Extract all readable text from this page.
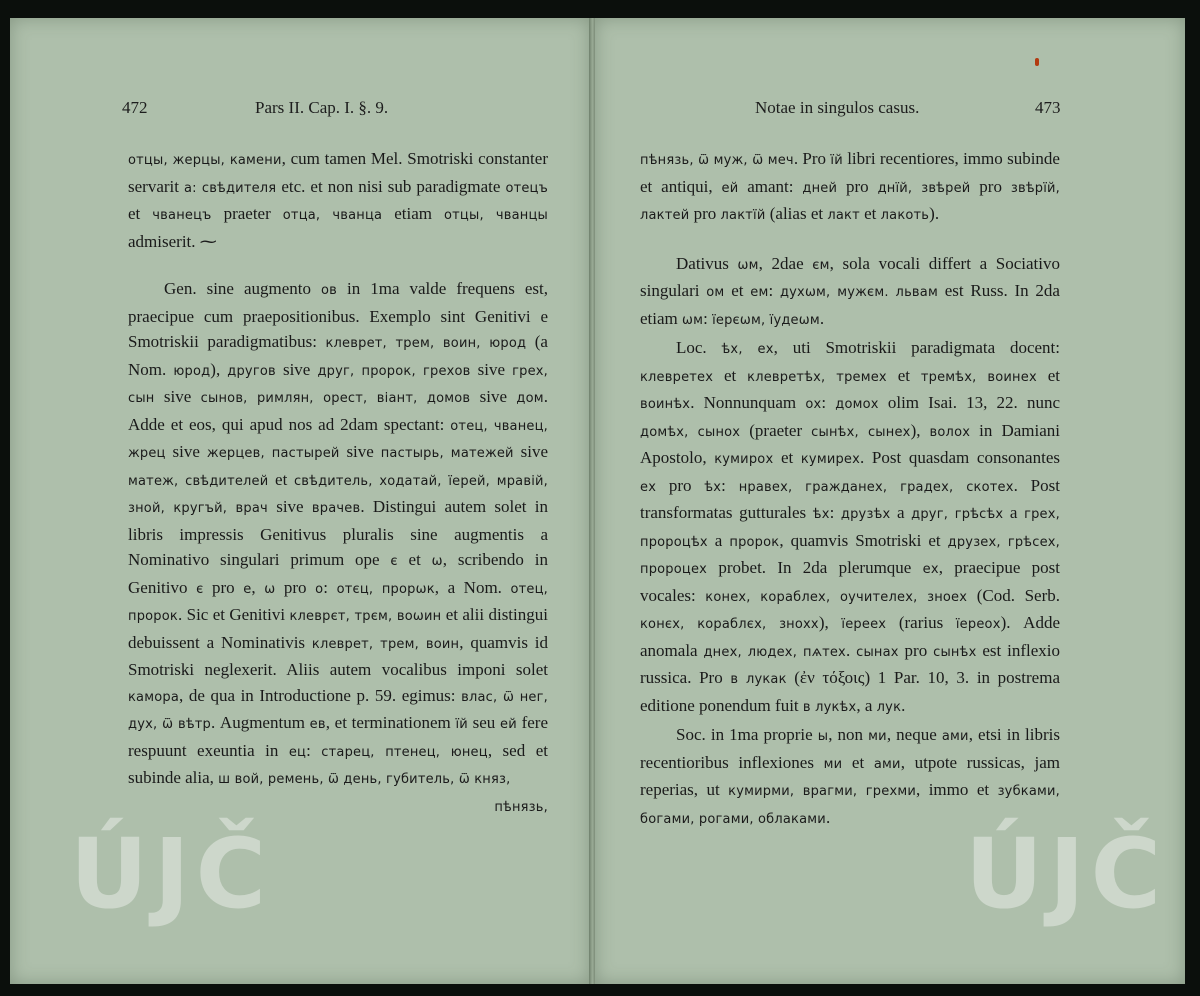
472	Pars II. Cap. I. §. 9.

отцы, жерцы, камени, cum tamen Mel. Smotriski constanter servarit а: свѣдителя etc. et non nisi sub paradigmate отецъ et чванецъ praeter отца, чванца etiam отцы, чванцы admiserit. ⁓

Gen. sine augmento ов in 1ma valde frequens est, praecipue cum praepositionibus. Exemplo sint Genitivi e Smotriskii paradigmatibus: клеврет, трем, воин, юрод (a Nom. юрод), другов sive друг, пророк, грехов sive грех, сын sive сынов, римлян, орест, віант, домов sive дом. Adde et eos, qui apud nos ad 2dam spectant: отец, чванец, жрец sive жерцев, пастырей sive пастырь, матежей sive матеж, свѣдителей et свѣдитель, ходатай, їерей, мравій, зной, кругъй, врач sive врачев. Distingui autem solet in libris impressis Genitivus pluralis sine augmentis a Nominativo singulari primum ope є et ѡ, scribendo in Genitivo є pro е, ѡ pro о: отєц, прорѡк, a Nom. отец, пророк. Sic et Genitivi клеврєт, трєм, воѡин et alii distingui debuissent a Nominativis клеврет, трем, воин, quamvis id Smotriski neglexerit. Aliis autem vocalibus imponi solet камора, de qua in Introductione p. 59. egimus: влас, ѿ нег, дух, ѿ вѣтр. Augmentum ев, et terminationem їй seu ей fere respuunt exeuntia in ец: старец, птенец, юнец, sed et subinde alia, ш вой, ремень, ѿ день, губитель, ѿ княз,

пѣнязь,

ÚJČ
Notae in singulos casus.	473

пѣнязь, ѿ муж, ѿ меч. Pro їй libri recentiores, immo subinde et antiqui, ей amant: дней pro днїй, звѣрей pro звѣрїй, лактей pro лактїй (alias et лакт et лакоть).

Dativus ѡм, 2dae єм, sola vocali differt a Sociativo singulari ом et ем: духѡм, мужєм. львам est Russ. In 2da etiam ѡм: їерєѡм, їудеѡм.

Loc. ѣх, ех, uti Smotriskii paradigmata docent: клевретех et клевретѣх, тремех et тремѣх, воинех et воинѣх. Nonnunquam ох: домох olim Isai. 13, 22. nunc домѣх, сынох (praeter сынѣх, сынех), волох in Damiani Apostolo, кумирох et кумирех. Post quasdam consonantes ех pro ѣх: нравех, гражданех, градех, скотех. Post transformatas gutturales ѣх: друзѣх a друг, грѣсѣх a грех, пророцѣх a пророк, quamvis Smotriski et друзех, грѣсех, пророцех probet. In 2da plerumque ех, praecipue post vocales: конех, кораблех, оучителех, зноех (Cod. Serb. конєх, кораблєх, знохх), їереех (rarius їереох). Adde anomala днех, людех, пѧтех. сынах pro сынѣх est inflexio russica. Pro в лукак (ἐν τόξοις) 1 Par. 10, 3. in postrema editione ponendum fuit в лукѣх, a лук.

Soc. in 1ma proprie ы, non ми, neque ами, etsi in libris recentioribus inflexiones ми et ами, utpote russicas, jam reperias, ut кумирми, врагми, грехми, immo et зубками, богами, рогами, облаками.

ÚJČ
